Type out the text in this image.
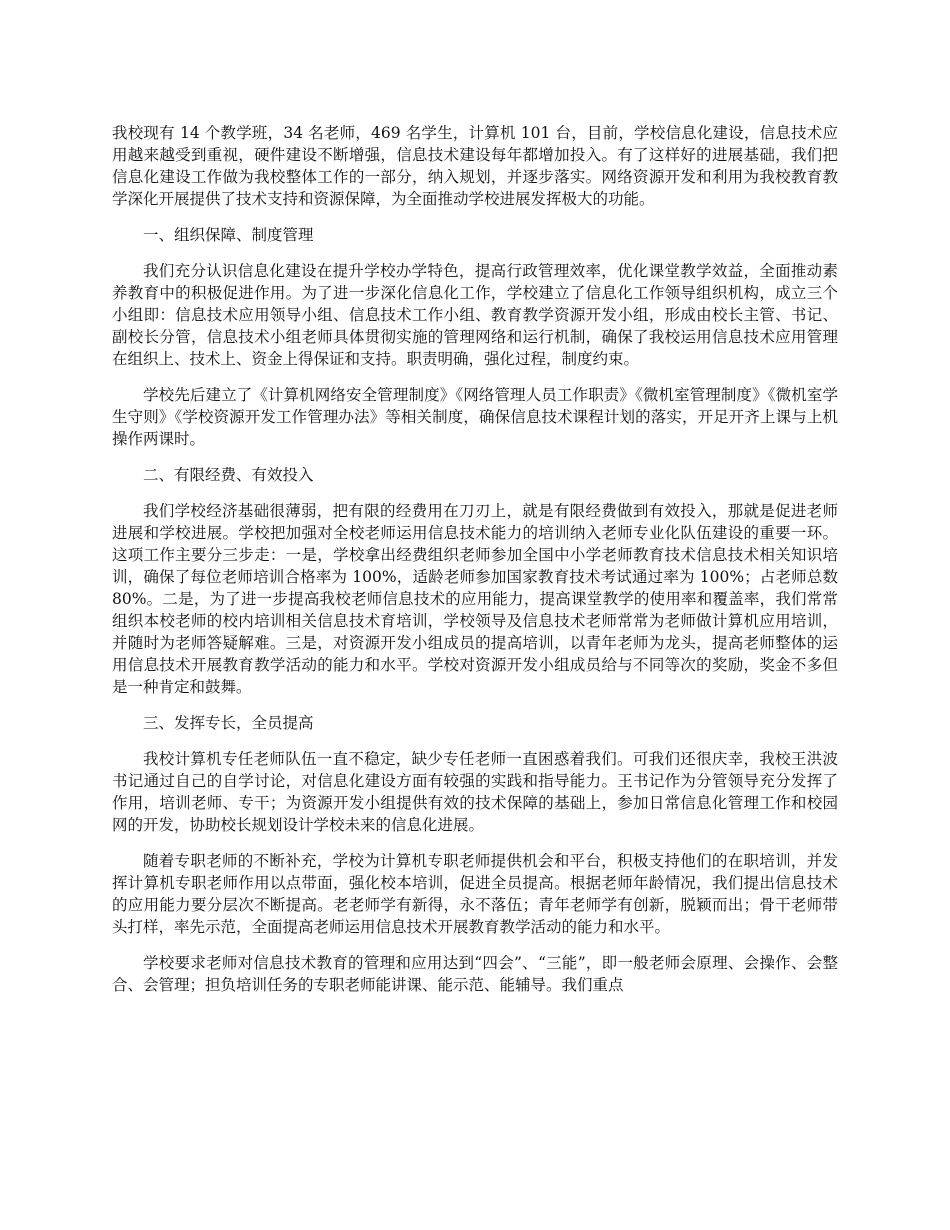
我校现有 14 个教学班，34 名老师，469 名学生，计算机 101 台，目前，学校信息化建设，信息技术应用越来越受到重视，硬件建设不断增强，信息技术建设每年都增加投入。有了这样好的进展基础，我们把信息化建设工作做为我校整体工作的一部分，纳入规划，并逐步落实。网络资源开发和利用为我校教育教学深化开展提供了技术支持和资源保障，为全面推动学校进展发挥极大的功能。

一、组织保障、制度管理

我们充分认识信息化建设在提升学校办学特色，提高行政管理效率，优化课堂教学效益，全面推动素养教育中的积极促进作用。为了进一步深化信息化工作，学校建立了信息化工作领导组织机构，成立三个小组即：信息技术应用领导小组、信息技术工作小组、教育教学资源开发小组，形成由校长主管、书记、副校长分管，信息技术小组老师具体贯彻实施的管理网络和运行机制，确保了我校运用信息技术应用管理在组织上、技术上、资金上得保证和支持。职责明确，强化过程，制度约束。

学校先后建立了《计算机网络安全管理制度》《网络管理人员工作职责》《微机室管理制度》《微机室学生守则》《学校资源开发工作管理办法》等相关制度，确保信息技术课程计划的落实，开足开齐上课与上机操作两课时。

二、有限经费、有效投入

我们学校经济基础很薄弱，把有限的经费用在刀刃上，就是有限经费做到有效投入，那就是促进老师进展和学校进展。学校把加强对全校老师运用信息技术能力的培训纳入老师专业化队伍建设的重要一环。这项工作主要分三步走：一是，学校拿出经费组织老师参加全国中小学老师教育技术信息技术相关知识培训，确保了每位老师培训合格率为 100%，适龄老师参加国家教育技术考试通过率为 100%；占老师总数 80%。二是，为了进一步提高我校老师信息技术的应用能力，提高课堂教学的使用率和覆盖率，我们常常组织本校老师的校内培训相关信息技术育培训，学校领导及信息技术老师常常为老师做计算机应用培训，并随时为老师答疑解难。三是，对资源开发小组成员的提高培训，以青年老师为龙头，提高老师整体的运用信息技术开展教育教学活动的能力和水平。学校对资源开发小组成员给与不同等次的奖励，奖金不多但是一种肯定和鼓舞。

三、发挥专长，全员提高

我校计算机专任老师队伍一直不稳定，缺少专任老师一直困惑着我们。可我们还很庆幸，我校王洪波书记通过自己的自学讨论，对信息化建设方面有较强的实践和指导能力。王书记作为分管领导充分发挥了作用，培训老师、专干；为资源开发小组提供有效的技术保障的基础上，参加日常信息化管理工作和校园网的开发，协助校长规划设计学校未来的信息化进展。

随着专职老师的不断补充，学校为计算机专职老师提供机会和平台，积极支持他们的在职培训，并发挥计算机专职老师作用以点带面，强化校本培训，促进全员提高。根据老师年龄情况，我们提出信息技术的应用能力要分层次不断提高。老老师学有新得，永不落伍；青年老师学有创新，脱颖而出；骨干老师带头打样，率先示范，全面提高老师运用信息技术开展教育教学活动的能力和水平。

学校要求老师对信息技术教育的管理和应用达到“四会”、“三能”，即一般老师会原理、会操作、会整合、会管理；担负培训任务的专职老师能讲课、能示范、能辅导。我们重点
